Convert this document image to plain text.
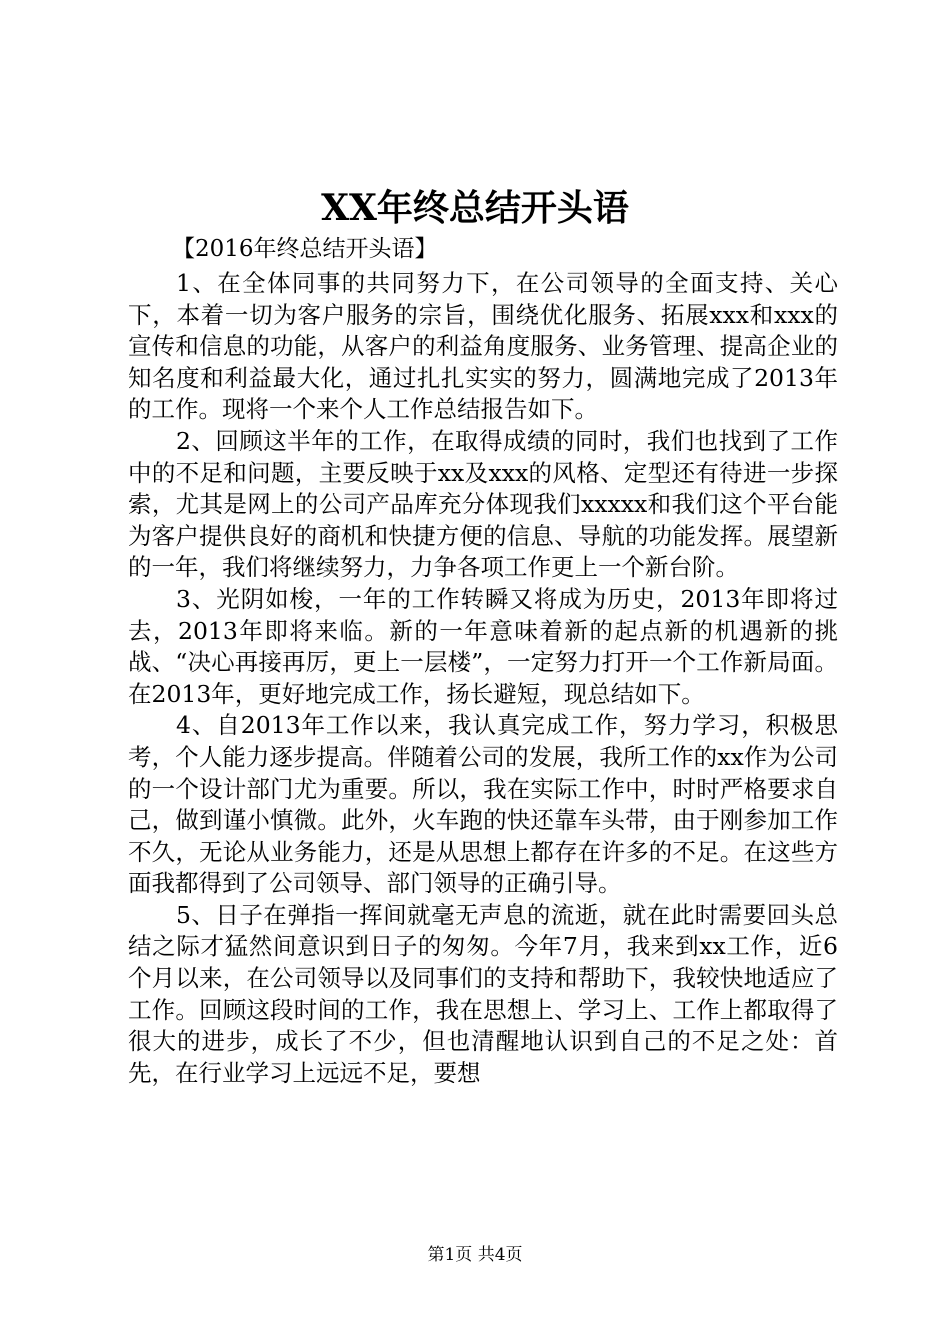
XX年终总结开头语
【2016年终总结开头语】

1、在全体同事的共同努力下，在公司领导的全面支持、关心下，本着一切为客户服务的宗旨，围绕优化服务、拓展xxx和xxx的宣传和信息的功能，从客户的利益角度服务、业务管理、提高企业的知名度和利益最大化，通过扎扎实实的努力，圆满地完成了2013年的工作。现将一个来个人工作总结报告如下。

2、回顾这半年的工作，在取得成绩的同时，我们也找到了工作中的不足和问题，主要反映于xx及xxx的风格、定型还有待进一步探索，尤其是网上的公司产品库充分体现我们xxxxx和我们这个平台能为客户提供良好的商机和快捷方便的信息、导航的功能发挥。展望新的一年，我们将继续努力，力争各项工作更上一个新台阶。

3、光阴如梭，一年的工作转瞬又将成为历史，2013年即将过去，2013年即将来临。新的一年意味着新的起点新的机遇新的挑战、“决心再接再厉，更上一层楼”，一定努力打开一个工作新局面。在2013年，更好地完成工作，扬长避短，现总结如下。

4、自2013年工作以来，我认真完成工作，努力学习，积极思考，个人能力逐步提高。伴随着公司的发展，我所工作的xx作为公司的一个设计部门尤为重要。所以，我在实际工作中，时时严格要求自己，做到谨小慎微。此外，火车跑的快还靠车头带，由于刚参加工作不久，无论从业务能力，还是从思想上都存在许多的不足。在这些方面我都得到了公司领导、部门领导的正确引导。

5、日子在弹指一挥间就毫无声息的流逝，就在此时需要回头总结之际才猛然间意识到日子的匆匆。今年7月，我来到xx工作，近6个月以来，在公司领导以及同事们的支持和帮助下，我较快地适应了工作。回顾这段时间的工作，我在思想上、学习上、工作上都取得了很大的进步，成长了不少，但也清醒地认识到自己的不足之处：首先，在行业学习上远远不足，要想

第1页 共4页
